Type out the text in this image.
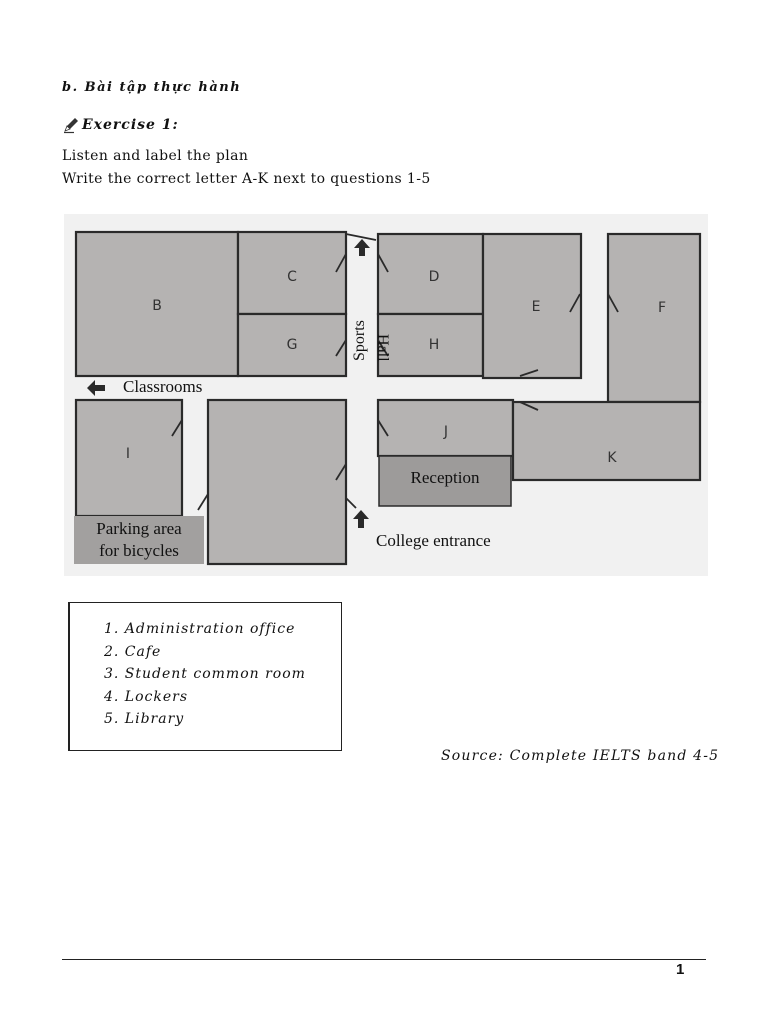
b. Bài tập thực hành
Exercise 1:
Listen and label the plan
Write the correct letter A-K next to questions 1-5
B
C	D
E	F
G	H
I
J
K
Sports Hall
Classrooms
Reception
Parking area
for bicycles
College entrance
1. Administration office
2. Cafe
3. Student common room
4. Lockers
5. Library
Source: Complete IELTS band 4-5
1
